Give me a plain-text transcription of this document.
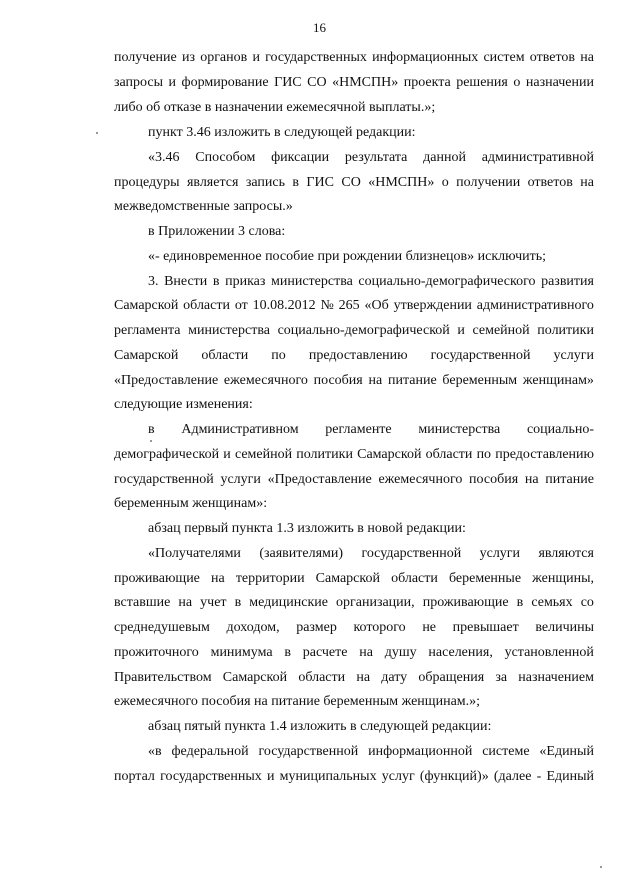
16
получение из органов и государственных информационных систем ответов на
запросы и формирование ГИС СО «НМСПН» проекта решения о назначении
либо об отказе в назначении ежемесячной выплаты.»;
пункт 3.46 изложить в следующей редакции:
«3.46 Способом фиксации результата данной административной
процедуры является запись в ГИС СО «НМСПН» о получении ответов на
межведомственные запросы.»
в Приложении 3 слова:
«- единовременное пособие при рождении близнецов» исключить;
3. Внести в приказ министерства социально-демографического развития
Самарской области от 10.08.2012 № 265 «Об утверждении административного
регламента министерства социально-демографической и семейной политики
Самарской области по предоставлению государственной услуги
«Предоставление ежемесячного пособия на питание беременным женщинам»
следующие изменения:
в Административном регламенте министерства социально-
демографической и семейной политики Самарской области по предоставлению
государственной услуги «Предоставление ежемесячного пособия на питание
беременным женщинам»:
абзац первый пункта 1.3 изложить в новой редакции:
«Получателями (заявителями) государственной услуги являются
проживающие на территории Самарской области беременные женщины,
вставшие на учет в медицинские организации, проживающие в семьях со
среднедушевым доходом, размер которого не превышает величины
прожиточного минимума в расчете на душу населения, установленной
Правительством Самарской области на дату обращения за назначением
ежемесячного пособия на питание беременным женщинам.»;
абзац пятый пункта 1.4 изложить в следующей редакции:
«в федеральной государственной информационной системе «Единый
портал государственных и муниципальных услуг (функций)» (далее - Единый
